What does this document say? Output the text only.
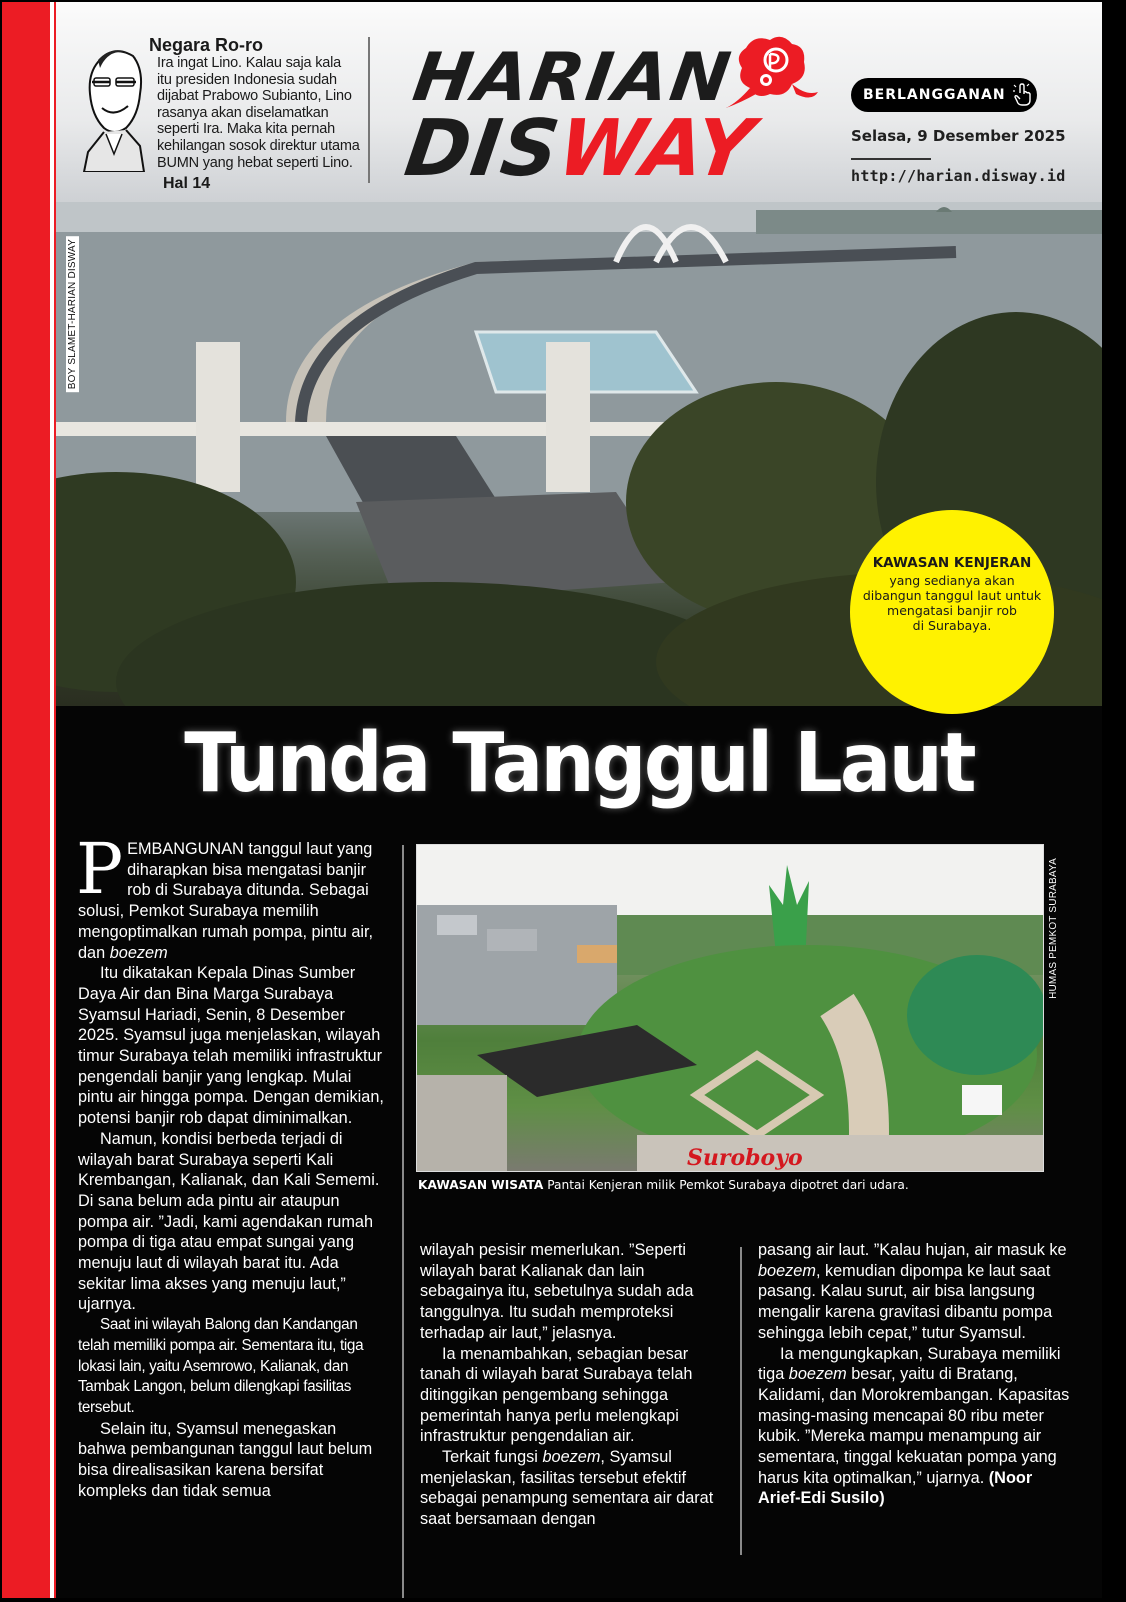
Negara Ro-ro
Ira ingat Lino. Kalau saja kala
itu presiden Indonesia sudah
dijabat Prabowo Subianto, Lino
rasanya akan diselamatkan
seperti Ira. Maka kita pernah
kehilangan sosok direktur utama
BUMN yang hebat seperti Lino.
Hal 14
HARIAN
DISWAY
BERLANGGANAN
Selasa, 9 Desember 2025
http://harian.disway.id
BOY SLAMET-HARIAN DISWAY
KAWASAN KENJERAN
yang sedianya akan
dibangun tanggul laut untuk
mengatasi banjir rob
di Surabaya.
Tunda Tanggul Laut

PEMBANGUNAN tanggul laut yang diharapkan bisa mengatasi banjir rob di Surabaya ditunda. Sebagai solusi, Pemkot Surabaya memilih mengoptimalkan rumah pompa, pintu air, dan boezem

Itu dikatakan Kepala Dinas Sumber Daya Air dan Bina Marga Surabaya Syamsul Hariadi, Senin, 8 Desember 2025. Syamsul juga menjelaskan, wilayah timur Surabaya telah memiliki infrastruktur pengendali banjir yang lengkap. Mulai pintu air hingga pompa. Dengan demikian, potensi banjir rob dapat diminimalkan.

Namun, kondisi berbeda terjadi di wilayah barat Surabaya seperti Kali Krembangan, Kalianak, dan Kali Sememi. Di sana belum ada pintu air ataupun pompa air. ”Jadi, kami agendakan rumah pompa di tiga atau empat sungai yang menuju laut di wilayah barat itu. Ada sekitar lima akses yang menuju laut,” ujarnya.

Saat ini wilayah Balong dan Kandangan telah memiliki pompa air. Sementara itu, tiga lokasi lain, yaitu Asemrowo, Kalianak, dan Tambak Langon, belum dilengkapi fasilitas tersebut.

Selain itu, Syamsul menegaskan bahwa pembangunan tanggul laut belum bisa direalisasikan karena bersifat kompleks dan tidak semua

Suroboyo
HUMAS PEMKOT SURABAYA
KAWASAN WISATA Pantai Kenjeran milik Pemkot Surabaya dipotret dari udara.

wilayah pesisir memerlukan. ”Seperti wilayah barat Kalianak dan lain sebagainya itu, sebetulnya sudah ada tanggulnya. Itu sudah memproteksi terhadap air laut,” jelasnya.

Ia menambahkan, sebagian besar tanah di wilayah barat Surabaya telah ditinggikan pengembang sehingga pemerintah hanya perlu melengkapi infrastruktur pengendalian air.

Terkait fungsi boezem, Syamsul menjelaskan, fasilitas tersebut efektif sebagai penampung sementara air darat saat bersamaan dengan

pasang air laut. ”Kalau hujan, air masuk ke boezem, kemudian dipompa ke laut saat pasang. Kalau surut, air bisa langsung mengalir karena gravitasi dibantu pompa sehingga lebih cepat,” tutur Syamsul.

Ia mengungkapkan, Surabaya memiliki tiga boezem besar, yaitu di Bratang, Kalidami, dan Morokrembangan. Kapasitas masing-masing mencapai 80 ribu meter kubik. ”Mereka mampu menampung air sementara, tinggal kekuatan pompa yang harus kita optimalkan,” ujarnya. (Noor Arief-Edi Susilo)
